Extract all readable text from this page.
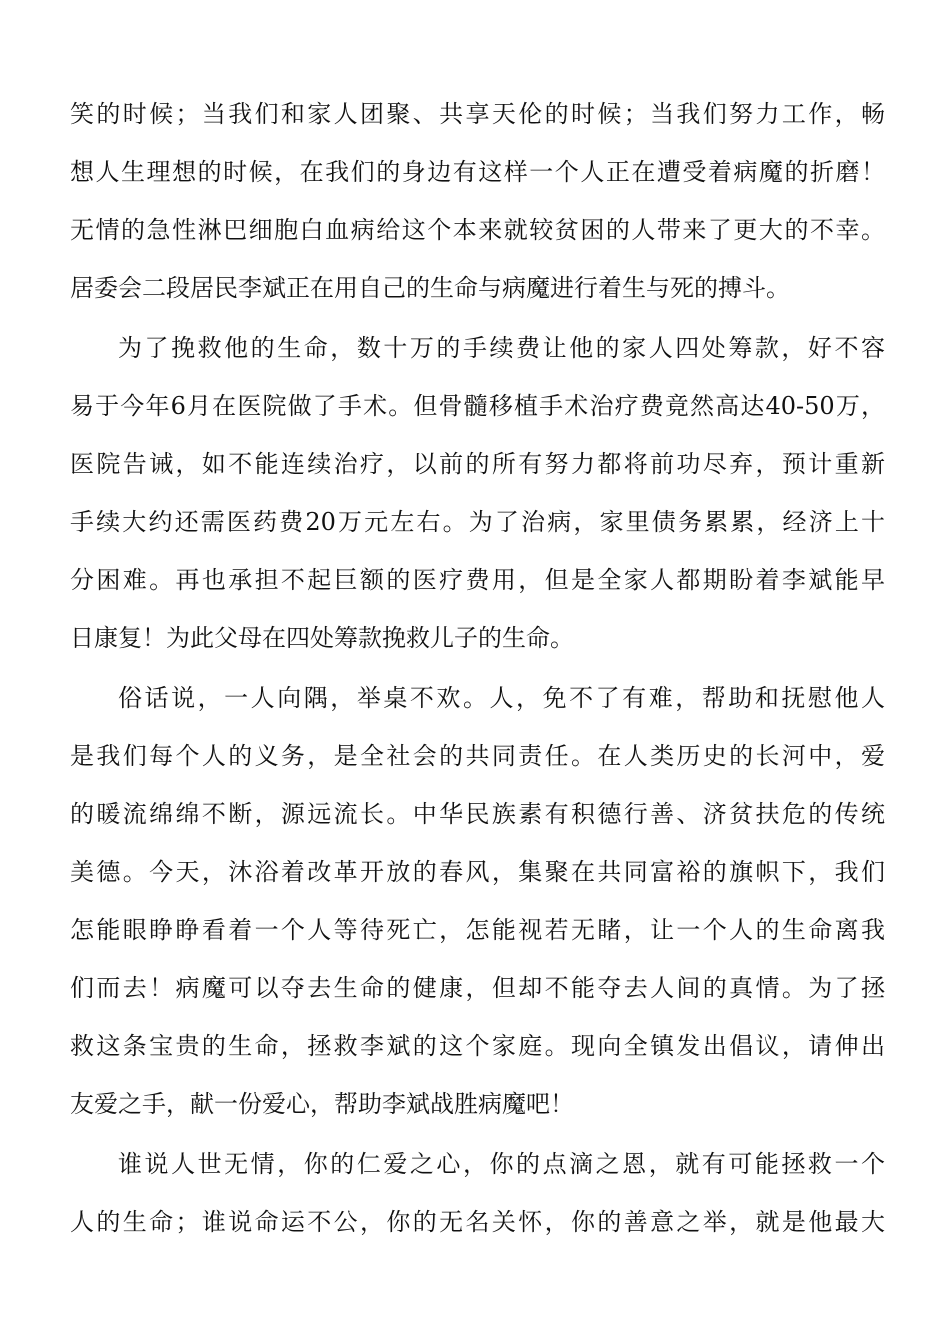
笑的时候；当我们和家人团聚、共享天伦的时候；当我们努力工作，畅
想人生理想的时候，在我们的身边有这样一个人正在遭受着病魔的折磨！
无情的急性淋巴细胞白血病给这个本来就较贫困的人带来了更大的不幸。
居委会二段居民李斌正在用自己的生命与病魔进行着生与死的搏斗。
为了挽救他的生命，数十万的手续费让他的家人四处筹款，好不容
易于今年6月在医院做了手术。但骨髓移植手术治疗费竟然高达40-50万，
医院告诫，如不能连续治疗，以前的所有努力都将前功尽弃，预计重新
手续大约还需医药费20万元左右。为了治病，家里债务累累，经济上十
分困难。再也承担不起巨额的医疗费用，但是全家人都期盼着李斌能早
日康复！为此父母在四处筹款挽救儿子的生命。
俗话说，一人向隅，举桌不欢。人，免不了有难，帮助和抚慰他人
是我们每个人的义务，是全社会的共同责任。在人类历史的长河中，爱
的暖流绵绵不断，源远流长。中华民族素有积德行善、济贫扶危的传统
美德。今天，沐浴着改革开放的春风，集聚在共同富裕的旗帜下，我们
怎能眼睁睁看着一个人等待死亡，怎能视若无睹，让一个人的生命离我
们而去！病魔可以夺去生命的健康，但却不能夺去人间的真情。为了拯
救这条宝贵的生命，拯救李斌的这个家庭。现向全镇发出倡议，请伸出
友爱之手，献一份爱心，帮助李斌战胜病魔吧！
谁说人世无情，你的仁爱之心，你的点滴之恩，就有可能拯救一个
人的生命；谁说命运不公，你的无名关怀，你的善意之举，就是他最大
